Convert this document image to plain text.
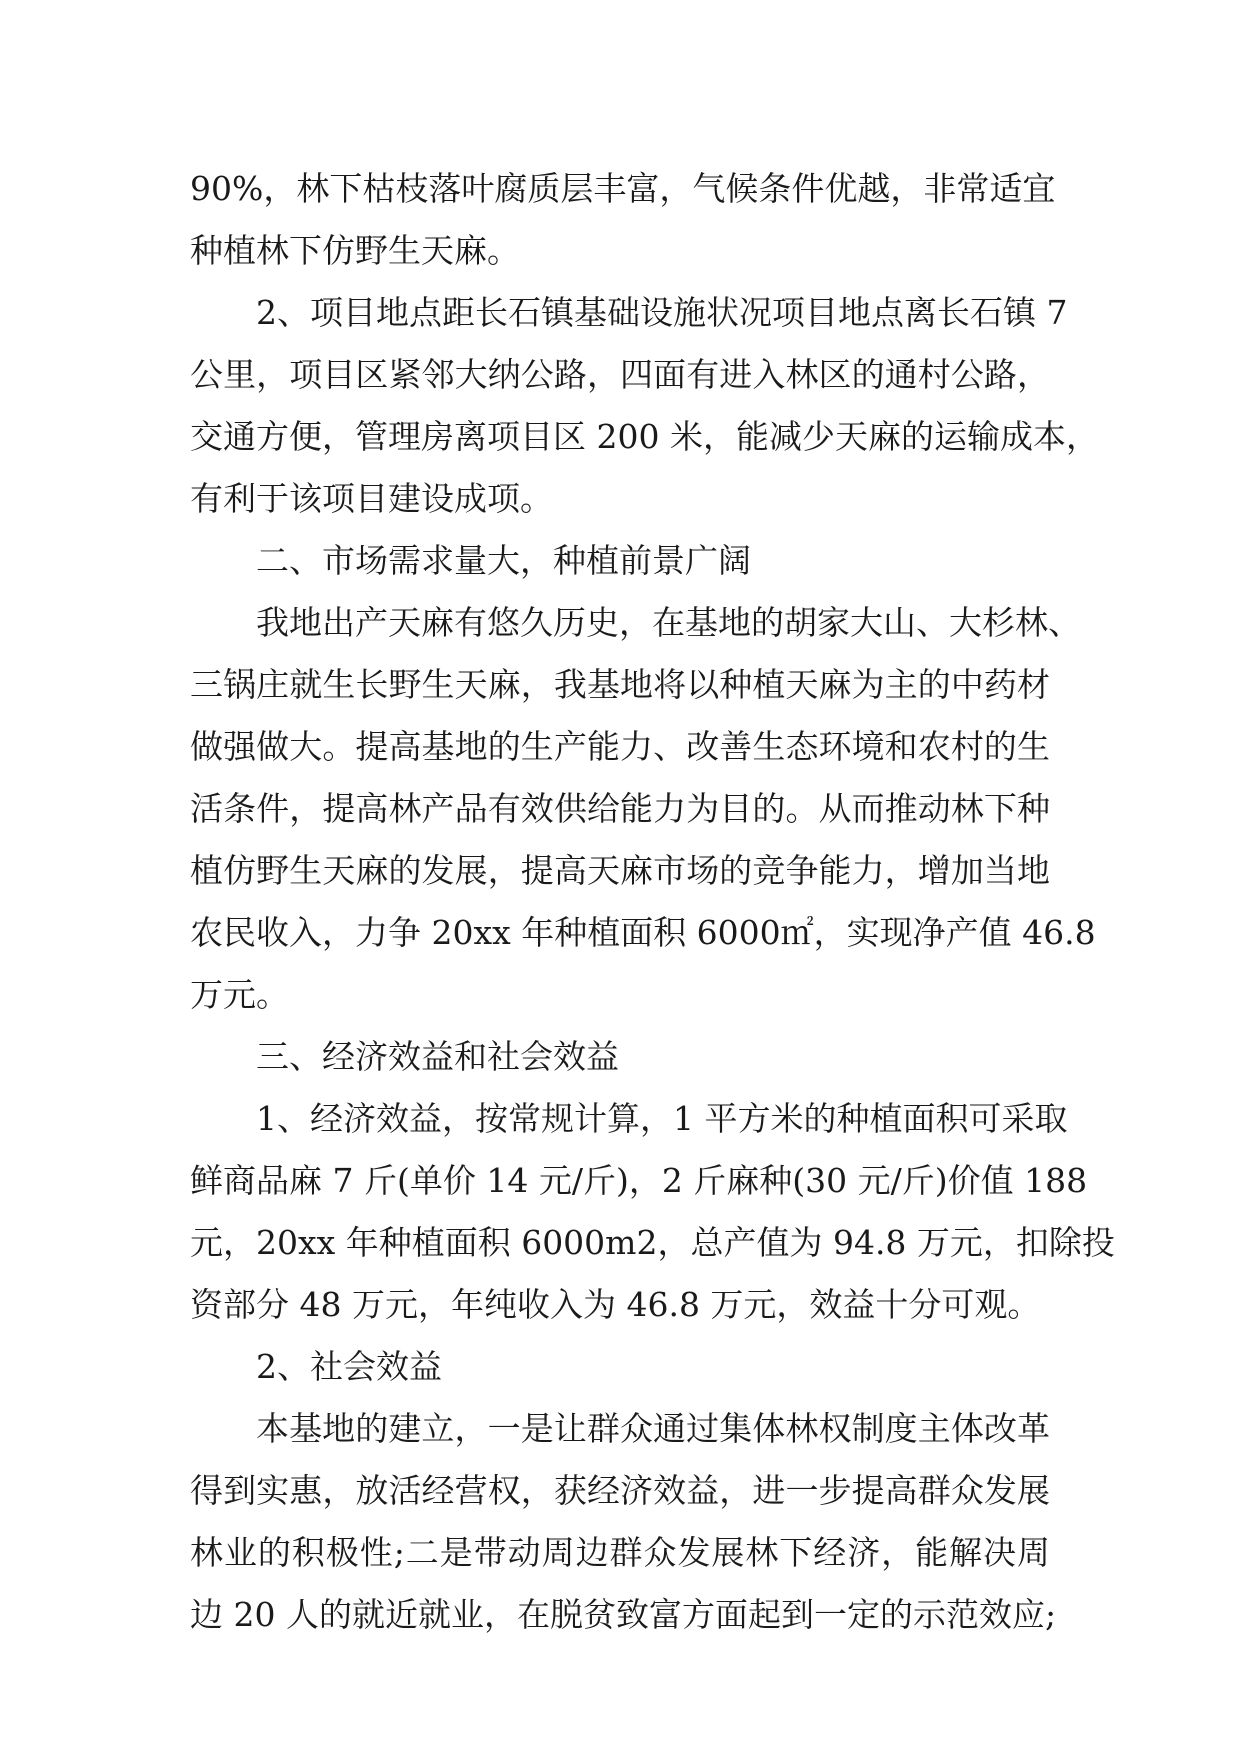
90%，林下枯枝落叶腐质层丰富，气候条件优越，非常适宜
种植林下仿野生天麻。
2、项目地点距长石镇基础设施状况项目地点离长石镇 7
公里，项目区紧邻大纳公路，四面有进入林区的通村公路，
交通方便，管理房离项目区 200 米，能减少天麻的运输成本，
有利于该项目建设成项。
二、市场需求量大，种植前景广阔
我地出产天麻有悠久历史，在基地的胡家大山、大杉林、
三锅庄就生长野生天麻，我基地将以种植天麻为主的中药材
做强做大。提高基地的生产能力、改善生态环境和农村的生
活条件，提高林产品有效供给能力为目的。从而推动林下种
植仿野生天麻的发展，提高天麻市场的竞争能力，增加当地
农民收入，力争 20xx 年种植面积 6000㎡，实现净产值 46.8
万元。
三、经济效益和社会效益
1、经济效益，按常规计算，1 平方米的种植面积可采取
鲜商品麻 7 斤(单价 14 元/斤)，2 斤麻种(30 元/斤)价值 188
元，20xx 年种植面积 6000m2，总产值为 94.8 万元，扣除投
资部分 48 万元，年纯收入为 46.8 万元，效益十分可观。
2、社会效益
本基地的建立，一是让群众通过集体林权制度主体改革
得到实惠，放活经营权，获经济效益，进一步提高群众发展
林业的积极性;二是带动周边群众发展林下经济，能解决周
边 20 人的就近就业，在脱贫致富方面起到一定的示范效应;
